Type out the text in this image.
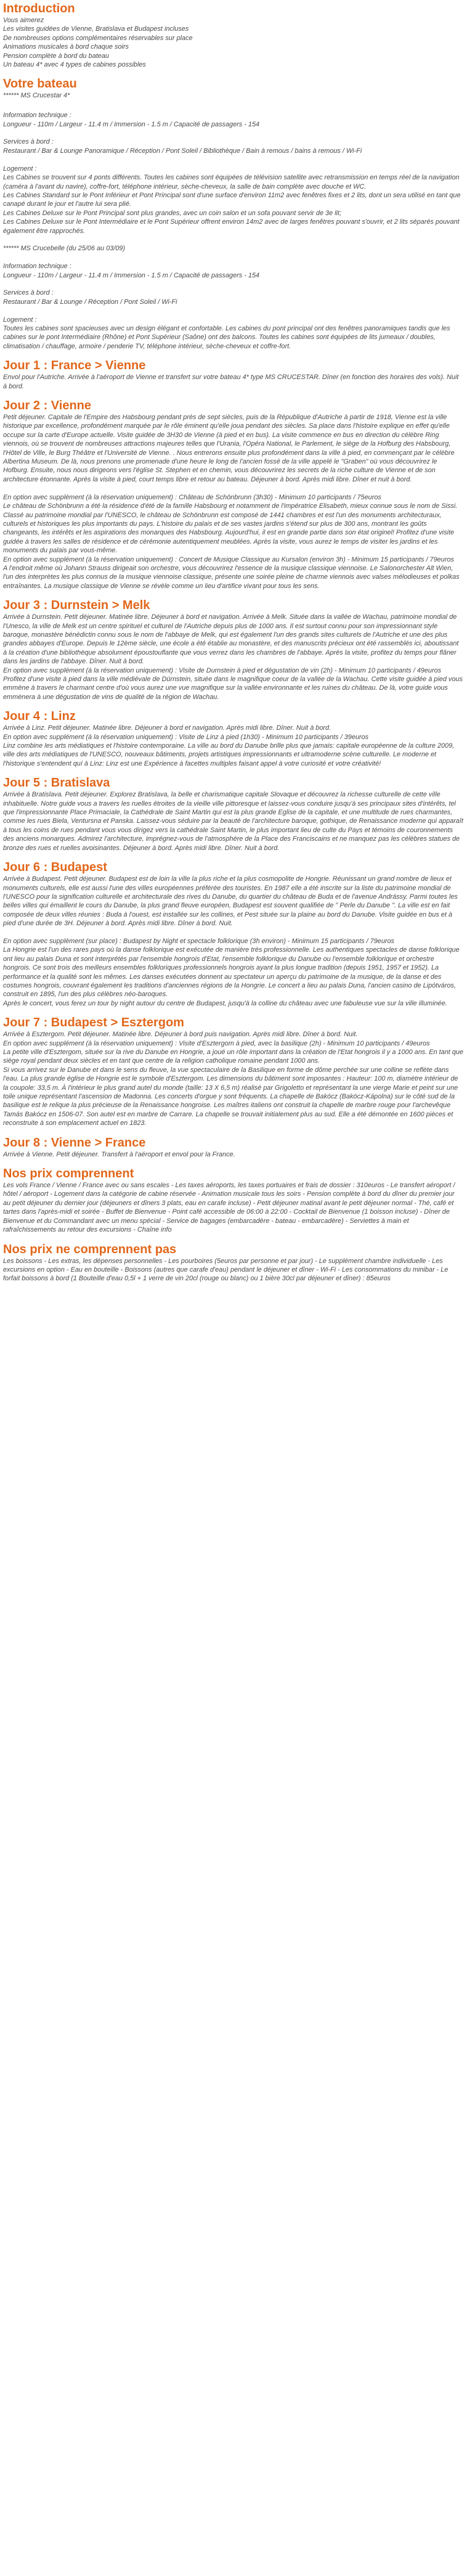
Introduction

Vous aimerez

Les visites guidées de Vienne, Bratislava et Budapest incluses

De nombreuses options complémentaires réservables sur place

Animations musicales à bord chaque soirs

Pension complète à bord du bateau

Un bateau 4* avec 4 types de cabines possibles

Votre bateau

****** MS Crucestar 4*

Information technique :

Longueur - 110m / Largeur - 11.4 m / Immersion - 1.5 m / Capacité de passagers - 154

Services à bord :

Restaurant / Bar & Lounge Panoramique / Réception / Pont Soleil / Bibliothèque / Bain à remous / bains à remous / Wi-Fi

Logement :

Les Cabines se trouvent sur 4 ponts différents. Toutes les cabines sont équipées de télévision satellite avec retransmission en temps réel de la navigation (caméra à l'avant du navire), coffre-fort, téléphone intérieur, sèche-cheveux, la salle de bain complète avec douche et WC.

Les Cabines Standard sur le Pont Inférieur et Pont Principal sont d'une surface d'environ 11m2 avec fenêtres fixes et 2 lits, dont un sera utilisé en tant que canapé durant le jour et l'autre lui sera plié.

Les Cabines Deluxe sur le Pont Principal sont plus grandes, avec un coin salon et un sofa pouvant servir de 3e lit;

Les Cabines Deluxe sur le Pont Intermédiaire et le Pont Supérieur offrent environ 14m2 avec de larges fenêtres pouvant s'ouvrir, et 2 lits séparés pouvant également être rapprochés.

****** MS Crucebelle (du 25/06 au 03/09)

Information technique :

Longueur - 110m / Largeur - 11.4 m / Immersion - 1.5 m / Capacité de passagers - 154

Services à bord :

Restaurant / Bar & Lounge / Réception / Pont Soleil / Wi-Fi

Logement :

Toutes les cabines sont spacieuses avec un design élégant et confortable. Les cabines du pont principal ont des fenêtres panoramiques tandis que les cabines sur le pont Intermédiaire (Rhône) et Pont Supérieur (Saône) ont des balcons. Toutes les cabines sont équipées de lits jumeaux / doubles, climatisation / chauffage, armoire / penderie TV, téléphone intérieur, sèche-cheveux et coffre-fort.

Jour 1 : France > Vienne

Envol pour l'Autriche. Arrivée à l'aéroport de Vienne et transfert sur votre bateau 4* type MS CRUCESTAR. Dîner (en fonction des horaires des vols). Nuit à bord.

Jour 2 : Vienne

Petit déjeuner. Capitale de l'Empire des Habsbourg pendant près de sept siècles, puis de la République d'Autriche à partir de 1918, Vienne est la ville historique par excellence, profondément marquée par le rôle éminent qu'elle joua pendant des siècles. Sa place dans l'histoire explique en effet qu'elle occupe sur la carte d'Europe actuelle. Visite guidée de 3H30 de Vienne (à pied et en bus). La visite commence en bus en direction du célèbre Ring viennois, où se trouvent de nombreuses attractions majeures telles que l'Urania, l'Opéra National, le Parlement, le siège de la Hofburg des Habsbourg, l'Hôtel de Ville, le Burg Théâtre et l'Université de Vienne. . Nous entrerons ensuite plus profondément dans la ville à pied, en commençant par le célèbre Albertina Museum. De là, nous prenons une promenade d'une heure le long de l'ancien fossé de la ville appelé le "Graben" où vous découvrirez le Hofburg. Ensuite, nous nous dirigeons vers l'église St. Stephen et en chemin, vous découvrirez les secrets de la riche culture de Vienne et de son architecture étonnante. Après la visite à pied, court temps libre et retour au bateau. Déjeuner à bord. Après midi libre. Dîner et nuit à bord.

En option avec supplément (à la réservation uniquement) : Château de Schönbrunn (3h30) - Minimum 10 participants / 75euros

Le château de Schönbrunn a été la résidence d'été de la famille Habsbourg et notamment de l'impératrice Elisabeth, mieux connue sous le nom de Sissi. Classé au patrimoine mondial par l'UNESCO, le château de Schönbrunn est composé de 1441 chambres et est l'un des monuments architecturaux, culturels et historiques les plus importants du pays. L'histoire du palais et de ses vastes jardins s'étend sur plus de 300 ans, montrant les goûts changeants, les intérêts et les aspirations des monarques des Habsbourg. Aujourd'hui, il est en grande partie dans son état originel! Profitez d'une visite guidée à travers les salles de résidence et de cérémonie autentiquement meublées. Après la visite, vous aurez le temps de visiter les jardins et les monuments du palais par vous-même.

En option avec supplément (à la réservation uniquement) : Concert de Musique Classique au Kursalon (environ 3h) - Minimum 15 participants / 79euros

A l'endroit même où Johann Strauss dirigeait son orchestre, vous découvrirez l'essence de la musique classique viennoise. Le Salonorchester Alt Wien, l'un des interprètes les plus connus de la musique viennoise classique, présente une soirée pleine de charme viennois avec valses mélodieuses et polkas entraînantes. La musique classique de Vienne se révèle comme un lieu d'artifice vivant pour tous les sens.

Jour 3 : Durnstein > Melk

Arrivée à Durnstein. Petit déjeuner. Matinée libre. Déjeuner à bord et navigation. Arrivée à Melk. Située dans la vallée de Wachau, patrimoine mondial de l'Unesco, la ville de Melk est un centre spirituel et culturel de l'Autriche depuis plus de 1000 ans. Il est surtout connu pour son impressionnant style baroque, monastère bénédictin connu sous le nom de l'abbaye de Melk, qui est également l'un des grands sites culturels de l'Autriche et une des plus grandes abbayes d'Europe. Depuis le 12ème siècle, une école a été établie au monastère, et des manuscrits précieux ont été rassemblés ici, aboutissant à la création d'une bibliothèque absolument époustouflante que vous verrez dans les chambres de l'abbaye. Après la visite, profitez du temps pour flâner dans les jardins de l'abbaye. Dîner. Nuit à bord.

En option avec supplément (à la réservation uniquement) : Visite de Durnstein à pied et dégustation de vin (2h) - Minimum 10 participants / 49euros

Profitez d'une visite à pied dans la ville médiévale de Dürnstein, située dans le magnifique coeur de la vallée de la Wachau. Cette visite guidée à pied vous emmène à travers le charmant centre d'où vous aurez une vue magnifique sur la vallée environnante et les ruines du château. De là, votre guide vous emmènera à une dégustation de vins de qualité de la région de Wachau.

Jour 4 : Linz

Arrivée à Linz. Petit déjeuner. Matinée libre. Déjeuner à bord et navigation. Après midi libre. Dîner. Nuit à bord.

En option avec supplément (à la réservation uniquement) : Visite de Linz à pied (1h30) - Minimum 10 participants / 39euros

Linz combine les arts médiatiques et l'histoire contemporaine. La ville au bord du Danube brille plus que jamais: capitale européenne de la culture 2009, ville des arts médiatiques de l'UNESCO, nouveaux bâtiments, projets artistiques impressionnants et ultramoderne scène culturelle. Le moderne et l'historique s'entendent quí à Linz: Linz est une Expérience à facettes multiples faisant appel à votre curiosité et votre créativité!

Jour 5 : Bratislava

Arrivée à Bratislava. Petit déjeuner. Explorez Bratislava, la belle et charismatique capitale Slovaque et découvrez la richesse culturelle de cette ville inhabituelle. Notre guide vous a travers les ruelles étroites de la vieille ville pittoresque et laissez-vous conduire jusqu'à ses principaux sites d'intérêts, tel que l'impressionnante Place Primaciale, la Cathédrale de Saint Martin qui est la plus grande Eglise de la capitale, et une multitude de rues charmantes, comme les rues Biela, Ventursna et Panska. Laissez-vous séduire par la beauté de l'architecture baroque, gothique, de Renaissance moderne qui apparaît à tous les coins de rues pendant vous vous dirigez vers la cathédrale Saint Martin, le plus important lieu de culte du Pays et témoins de couronnements des anciens monarques. Admirez l'architecture, imprégnez-vous de l'atmosphère de la Place des Franciscains et ne manquez pas les célèbres statues de bronze des rues et ruelles avoisinantes. Déjeuner à bord. Après midi libre. Dîner. Nuit à bord.

Jour 6 : Budapest

Arrivée à Budapest. Petit déjeuner. Budapest est de loin la ville la plus riche et la plus cosmopolite de Hongrie. Réunissant un grand nombre de lieux et monuments culturels, elle est aussi l'une des villes européennes préférée des touristes. En 1987 elle a été inscrite sur la liste du patrimoine mondial de l'UNESCO pour la signification culturelle et architecturale des rives du Danube, du quartier du château de Buda et de l'avenue Andrássy. Parmi toutes les belles villes qui émaillent le cours du Danube, la plus grand fleuve européen, Budapest est souvent qualifiée de " Perle du Danube ". La ville est en fait composée de deux villes réunies : Buda à l'ouest, est installée sur les collines, et Pest située sur la plaine au bord du Danube. Visite guidée en bus et à pied d'une durée de 3H. Déjeuner à bord. Après midi libre. Dîner à bord. Nuit.

En option avec supplément (sur place) : Budapest by Night et spectacle folklorique (3h environ) - Minimum 15 participants / 79euros

La Hongrie est l'un des rares pays où la danse folklorique est exécutée de manière très professionnelle. Les authentiques spectacles de danse folklorique ont lieu au palais Duna et sont interprétés par l'ensemble hongrois d'Etat, l'ensemble folklorique du Danube ou l'ensemble folklorique et orchestre hongrois. Ce sont trois des meilleurs ensembles folkloriques professionnels hongrois ayant la plus longue tradition (depuis 1951, 1957 et 1952). La performance et la qualité sont les mêmes. Les danses exécutées donnent au spectateur un aperçu du patrimoine de la musique, de la danse et des costumes hongrois, couvrant également les traditions d'anciennes régions de la Hongrie. Le concert a lieu au palais Duna, l'ancien casino de Lipótváros, construit en 1895, l'un des plus célèbres néo-baroques.

Après le concert, vous ferez un tour by night autour du centre de Budapest, jusqu'à la colline du château avec une fabuleuse vue sur la ville illuminée.

Jour 7 : Budapest > Esztergom

Arrivée à Esztergom. Petit déjeuner. Matinée libre. Déjeuner à bord puis navigation. Après midi libre. Dîner à bord. Nuit.

En option avec supplément (à la réservation uniquement) : Visite d'Esztergom à pied, avec la basilique (2h) - Minimum 10 participants / 49euros

La petite ville d'Esztergom, située sur la rive du Danube en Hongrie, a joué un rôle important dans la création de l'Etat hongrois il y a 1000 ans. En tant que siège royal pendant deux siècles et en tant que centre de la religion catholique romaine pendant 1000 ans.

Si vous arrivez sur le Danube et dans le sens du fleuve, la vue spectaculaire de la Basilique en forme de dôme perchée sur une colline se reflète dans l'eau. La plus grande église de Hongrie est le symbole d'Esztergom. Les dimensions du bâtiment sont imposantes : Hauteur: 100 m, diamètre intérieur de la coupole: 33,5 m. À l'intérieur le plus grand autel du monde (taille: 13 X 6,5 m) réalisé par Grigoletto et représentant la une vierge Marie et peint sur une toile unique représentant l'ascension de Madonna. Les concerts d'orgue y sont fréquents. La chapelle de Bakócz (Bakócz-Kápolna) sur le côté sud de la basilique est le relique la plus précieuse de la Renaissance hongroise. Les maîtres italiens ont construit la chapelle de marbre rouge pour l'archevêque Tamás Bakócz en 1506-07. Son autel est en marbre de Carrare. La chapelle se trouvait initialement plus au sud. Elle a été démontée en 1600 pièces et reconstruite à son emplacement actuel en 1823.

Jour 8 : Vienne > France

Arrivée à Vienne. Petit déjeuner. Transfert à l'aéroport et envol pour la France.

Nos prix comprennent

Les vols France / Vienne / France avec ou sans escales - Les taxes aéroports, les taxes portuaires et frais de dossier : 310euros - Le transfert aéroport / hôtel / aéroport - Logement dans la catégorie de cabine réservée - Animation musicale tous les soirs - Pension complète à bord du dîner du premier jour au petit déjeuner du dernier jour (déjeuners et dîners 3 plats, eau en carafe incluse) - Petit déjeuner matinal avant le petit déjeuner normal - Thé, café et tartes dans l'après-midi et soirée - Buffet de Bienvenue - Point café accessible de 06:00 à 22:00 - Cocktail de Bienvenue (1 boisson incluse) - Dîner de Bienvenue et du Commandant avec un menu spécial - Service de bagages (embarcadère - bateau - embarcadère) - Serviettes à main et rafraîchissements au retour des excursions - Chaîne info

Nos prix ne comprennent pas

Les boissons - Les extras, les dépenses personnelles - Les pourboires (5euros par personne et par jour) - Le supplément chambre individuelle - Les excursions en option - Eau en bouteille - Boissons (autres que carafe d'eau) pendant le déjeuner et dîner - Wi-Fi - Les consommations du minibar - Le forfait boissons à bord (1 Bouteille d'eau 0,5l + 1 verre de vin 20cl (rouge ou blanc) ou 1 bière 30cl par déjeuner et dîner) : 85euros
